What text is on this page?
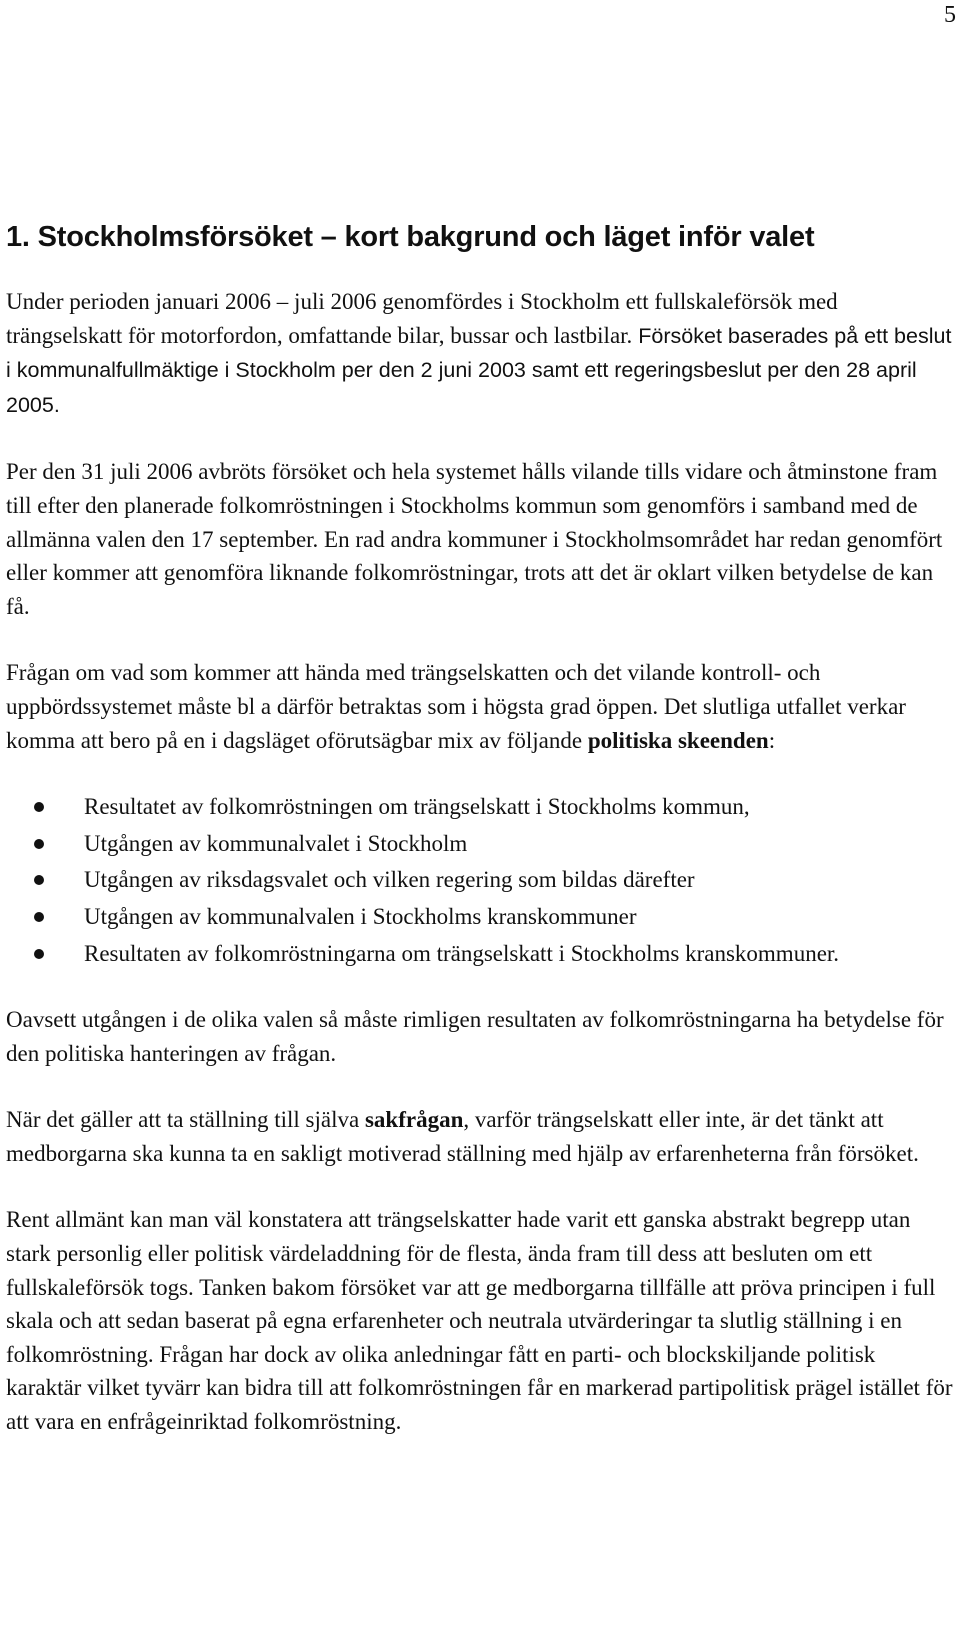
5
1. Stockholmsförsöket – kort bakgrund och läget inför valet

Under perioden januari 2006 – juli 2006 genomfördes i Stockholm ett fullskaleförsök med trängselskatt för motorfordon, omfattande bilar, bussar och lastbilar. Försöket baserades på ett beslut i kommunalfullmäktige i Stockholm per den 2 juni 2003 samt ett regeringsbeslut per den 28 april 2005.

Per den 31 juli 2006 avbröts försöket och hela systemet hålls vilande tills vidare och åtminstone fram till efter den planerade folkomröstningen i Stockholms kommun som genomförs i samband med de allmänna valen den 17 september. En rad andra kommuner i Stockholmsområdet har redan genomfört eller kommer att genomföra liknande folkomröstningar, trots att det är oklart vilken betydelse de kan få.

Frågan om vad som kommer att hända med trängselskatten och det vilande kontroll- och uppbördssystemet måste bl a därför betraktas som i högsta grad öppen. Det slutliga utfallet verkar komma att bero på en i dagsläget oförutsägbar mix av följande politiska skeenden:

Resultatet av folkomröstningen om trängselskatt i Stockholms kommun,
Utgången av kommunalvalet i Stockholm
Utgången av riksdagsvalet och vilken regering som bildas därefter
Utgången av kommunalvalen i Stockholms kranskommuner
Resultaten av folkomröstningarna om trängselskatt i Stockholms kranskommuner.

Oavsett utgången i de olika valen så måste rimligen resultaten av folkomröstningarna ha betydelse för den politiska hanteringen av frågan.

När det gäller att ta ställning till själva sakfrågan, varför trängselskatt eller inte, är det tänkt att medborgarna ska kunna ta en sakligt motiverad ställning med hjälp av erfarenheterna från försöket.

Rent allmänt kan man väl konstatera att trängselskatter hade varit ett ganska abstrakt begrepp utan stark personlig eller politisk värdeladdning för de flesta, ända fram till dess att besluten om ett fullskaleförsök togs. Tanken bakom försöket var att ge medborgarna tillfälle att pröva principen i full skala och att sedan baserat på egna erfarenheter och neutrala utvärderingar ta slutlig ställning i en folkomröstning. Frågan har dock av olika anledningar fått en parti- och blockskiljande politisk karaktär vilket tyvärr kan bidra till att folkomröstningen får en markerad partipolitisk prägel istället för att vara en enfrågeinriktad folkomröstning.
